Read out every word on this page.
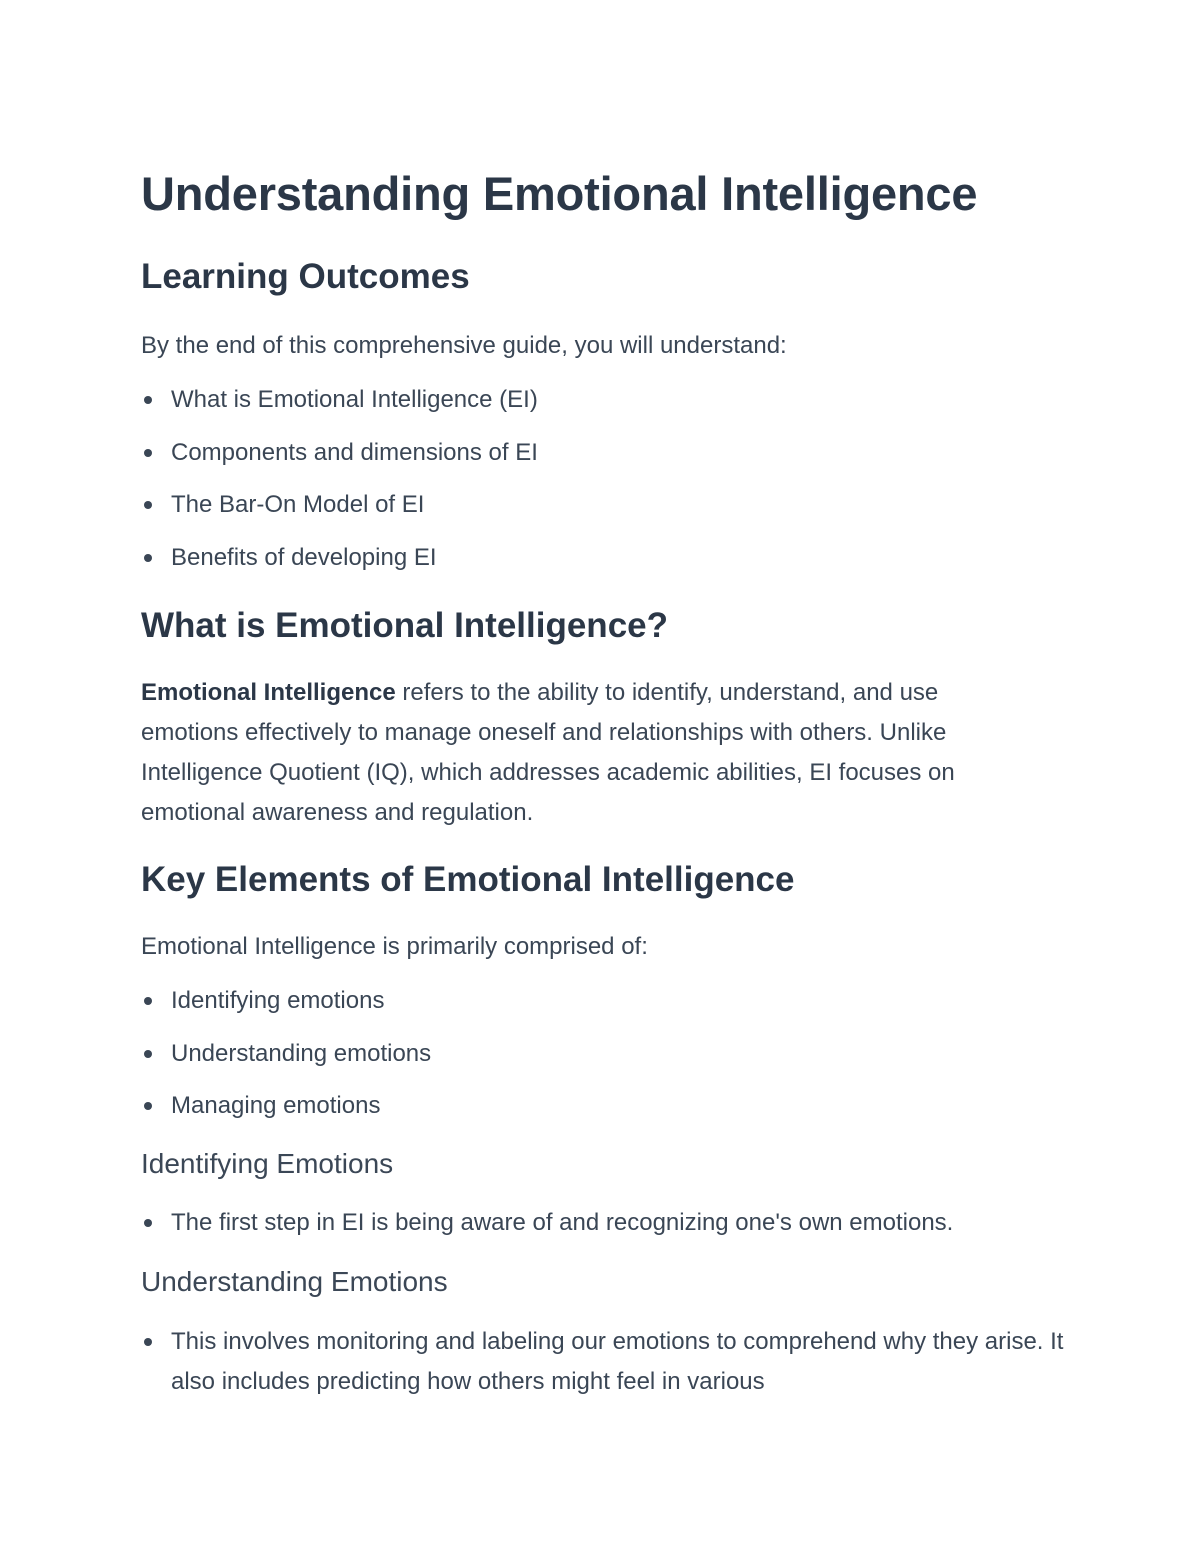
Understanding Emotional Intelligence
Learning Outcomes

By the end of this comprehensive guide, you will understand:

What is Emotional Intelligence (EI)
Components and dimensions of EI
The Bar-On Model of EI
Benefits of developing EI
What is Emotional Intelligence?

Emotional Intelligence refers to the ability to identify, understand, and use emotions effectively to manage oneself and relationships with others. Unlike Intelligence Quotient (IQ), which addresses academic abilities, EI focuses on emotional awareness and regulation.

Key Elements of Emotional Intelligence

Emotional Intelligence is primarily comprised of:

Identifying emotions
Understanding emotions
Managing emotions
Identifying Emotions
The first step in EI is being aware of and recognizing one's own emotions.
Understanding Emotions
This involves monitoring and labeling our emotions to comprehend why they arise. It also includes predicting how others might feel in various
